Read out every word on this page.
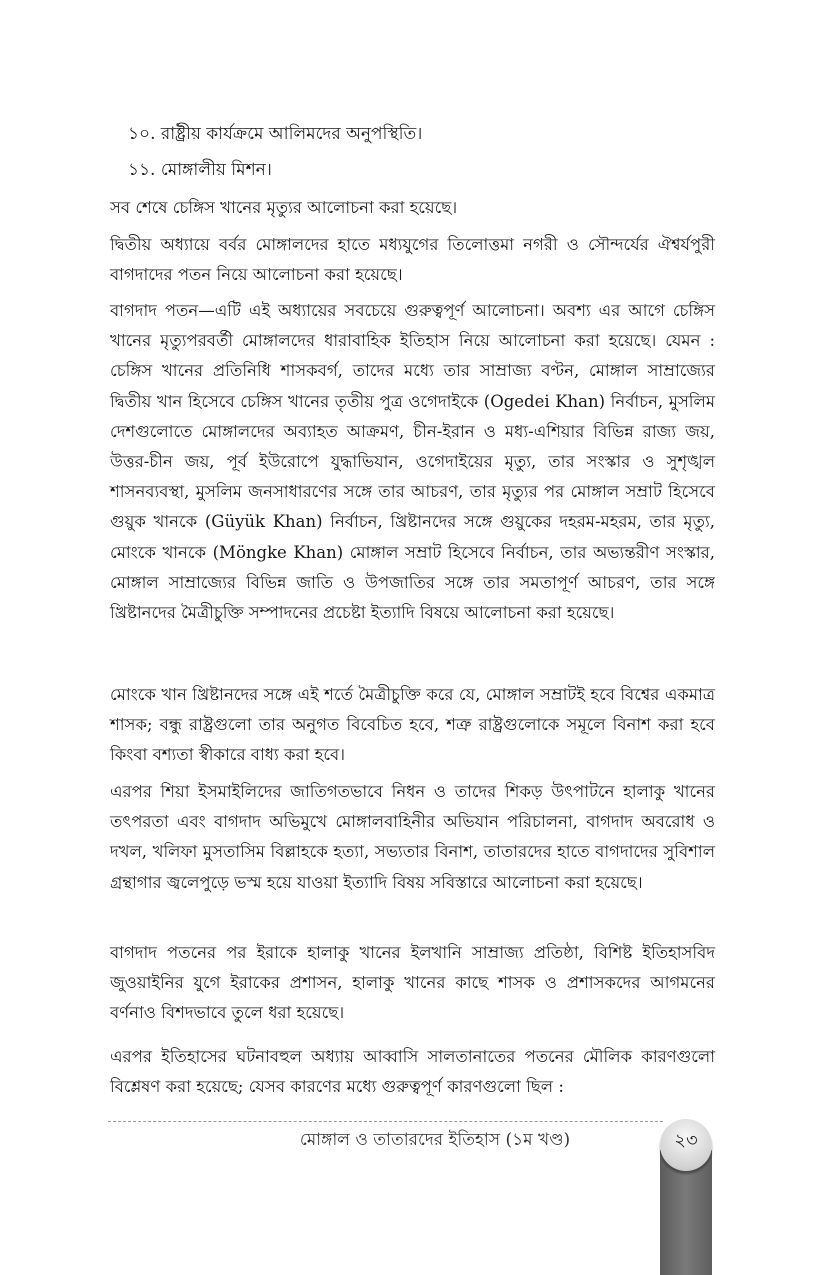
১০. রাষ্ট্রীয় কার্যক্রমে আলিমদের অনুপস্থিতি।
১১. মোঙ্গালীয় মিশন।

সব শেষে চেঙ্গিস খানের মৃত্যুর আলোচনা করা হয়েছে।

দ্বিতীয় অধ্যায়ে বর্বর মোঙ্গালদের হাতে মধ্যযুগের তিলোত্তমা নগরী ও সৌন্দর্যের ঐশ্বর্যপুরী বাগদাদের পতন নিয়ে আলোচনা করা হয়েছে।

বাগদাদ পতন—এটি এই অধ্যায়ের সবচেয়ে গুরুত্বপূর্ণ আলোচনা। অবশ্য এর আগে চেঙ্গিস খানের মৃত্যুপরবর্তী মোঙ্গালদের ধারাবাহিক ইতিহাস নিয়ে আলোচনা করা হয়েছে। যেমন : চেঙ্গিস খানের প্রতিনিধি শাসকবর্গ, তাদের মধ্যে তার সাম্রাজ্য বণ্টন, মোঙ্গাল সাম্রাজ্যের দ্বিতীয় খান হিসেবে চেঙ্গিস খানের তৃতীয় পুত্র ওগেদাইকে (Ogedei Khan) নির্বাচন, মুসলিম দেশগুলোতে মোঙ্গালদের অব্যাহত আক্রমণ, চীন-ইরান ও মধ্য-এশিয়ার বিভিন্ন রাজ্য জয়, উত্তর-চীন জয়, পূর্ব ইউরোপে যুদ্ধাভিযান, ওগেদাইয়ের মৃত্যু, তার সংস্কার ও সুশৃঙ্খল শাসনব্যবস্থা, মুসলিম জনসাধারণের সঙ্গে তার আচরণ, তার মৃত্যুর পর মোঙ্গাল সম্রাট হিসেবে গুয়ুক খানকে (Güyük Khan) নির্বাচন, খ্রিষ্টানদের সঙ্গে গুয়ুকের দহরম-মহরম, তার মৃত্যু, মোংকে খানকে (Möngke Khan) মোঙ্গাল সম্রাট হিসেবে নির্বাচন, তার অভ্যন্তরীণ সংস্কার, মোঙ্গাল সাম্রাজ্যের বিভিন্ন জাতি ও উপজাতির সঙ্গে তার সমতাপূর্ণ আচরণ, তার সঙ্গে খ্রিষ্টানদের মৈত্রীচুক্তি সম্পাদনের প্রচেষ্টা ইত্যাদি বিষয়ে আলোচনা করা হয়েছে।

মোংকে খান খ্রিষ্টানদের সঙ্গে এই শর্তে মৈত্রীচুক্তি করে যে, মোঙ্গাল সম্রাটই হবে বিশ্বের একমাত্র শাসক; বন্ধু রাষ্ট্রগুলো তার অনুগত বিবেচিত হবে, শত্রু রাষ্ট্রগুলোকে সমূলে বিনাশ করা হবে কিংবা বশ্যতা স্বীকারে বাধ্য করা হবে।

এরপর শিয়া ইসমাইলিদের জাতিগতভাবে নিধন ও তাদের শিকড় উৎপাটনে হালাকু খানের তৎপরতা এবং বাগদাদ অভিমুখে মোঙ্গালবাহিনীর অভিযান পরিচালনা, বাগদাদ অবরোধ ও দখল, খলিফা মুসতাসিম বিল্লাহকে হত্যা, সভ্যতার বিনাশ, তাতারদের হাতে বাগদাদের সুবিশাল গ্রন্থাগার জ্বলেপুড়ে ভস্ম হয়ে যাওয়া ইত্যাদি বিষয় সবিস্তারে আলোচনা করা হয়েছে।

বাগদাদ পতনের পর ইরাকে হালাকু খানের ইলখানি সাম্রাজ্য প্রতিষ্ঠা, বিশিষ্ট ইতিহাসবিদ জুওয়াইনির যুগে ইরাকের প্রশাসন, হালাকু খানের কাছে শাসক ও প্রশাসকদের আগমনের বর্ণনাও বিশদভাবে তুলে ধরা হয়েছে।

এরপর ইতিহাসের ঘটনাবহুল অধ্যায় আব্বাসি সালতানাতের পতনের মৌলিক কারণগুলো বিশ্লেষণ করা হয়েছে; যেসব কারণের মধ্যে গুরুত্বপূর্ণ কারণগুলো ছিল :

মোঙ্গাল ও তাতারদের ইতিহাস (১ম খণ্ড)	২৩
